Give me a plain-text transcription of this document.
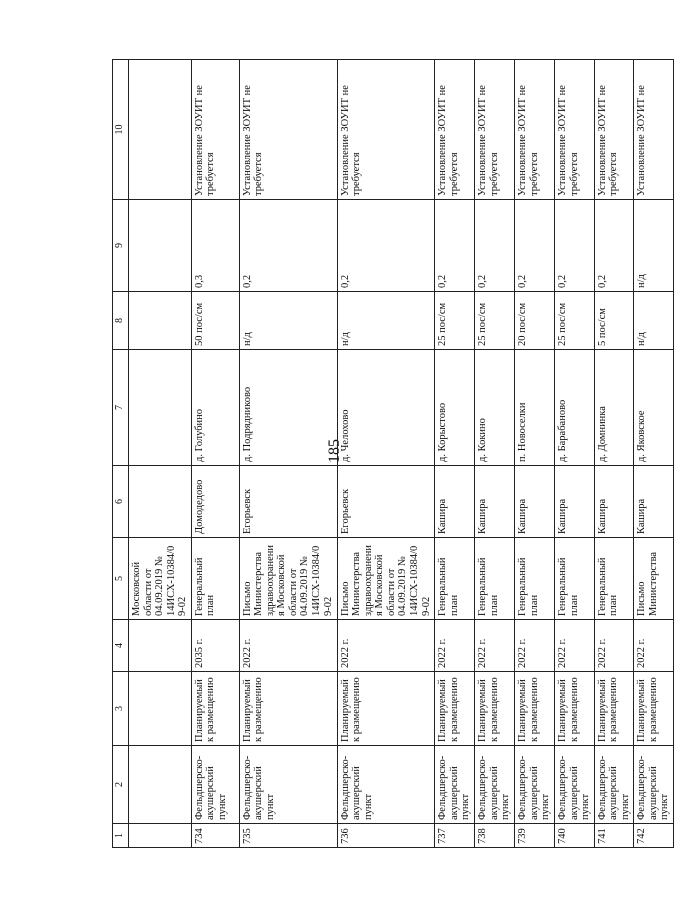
185
1	2	3	4	5	6	7	8	9	10
				Московской области от 04.09.2019 № 14ИСХ-10384/09-02					
734	Фельдшерско-акушерский пункт	Планируемый к размещению	2035 г.	Генеральный план	Домодедово	д. Голубино	50 пос/см	0,3	Установление ЗОУИТ не требуется
735	Фельдшерско-акушерский пункт	Планируемый к размещению	2022 г.	Письмо Министерства здравоохранения Московской области от 04.09.2019 № 14ИСХ-10384/09-02	Егорьевск	д. Подрядниково	н/д	0,2	Установление ЗОУИТ не требуется
736	Фельдшерско-акушерский пункт	Планируемый к размещению	2022 г.	Письмо Министерства здравоохранения Московской области от 04.09.2019 № 14ИСХ-10384/09-02	Егорьевск	д. Челохово	н/д	0,2	Установление ЗОУИТ не требуется
737	Фельдшерско-акушерский пункт	Планируемый к размещению	2022 г.	Генеральный план	Кашира	д. Корыстово	25 пос/см	0,2	Установление ЗОУИТ не требуется
738	Фельдшерско-акушерский пункт	Планируемый к размещению	2022 г.	Генеральный план	Кашира	д. Кокино	25 пос/см	0,2	Установление ЗОУИТ не требуется
739	Фельдшерско-акушерский пункт	Планируемый к размещению	2022 г.	Генеральный план	Кашира	п. Новоселки	20 пос/см	0,2	Установление ЗОУИТ не требуется
740	Фельдшерско-акушерский пункт	Планируемый к размещению	2022 г.	Генеральный план	Кашира	д. Барабаново	25 пос/см	0,2	Установление ЗОУИТ не требуется
741	Фельдшерско-акушерский пункт	Планируемый к размещению	2022 г.	Генеральный план	Кашира	д. Домнинка	5 пос/см	0,2	Установление ЗОУИТ не требуется
742	Фельдшерско-акушерский пункт	Планируемый к размещению	2022 г.	Письмо Министерства	Кашира	д. Яковское	н/д	н/д	Установление ЗОУИТ не
